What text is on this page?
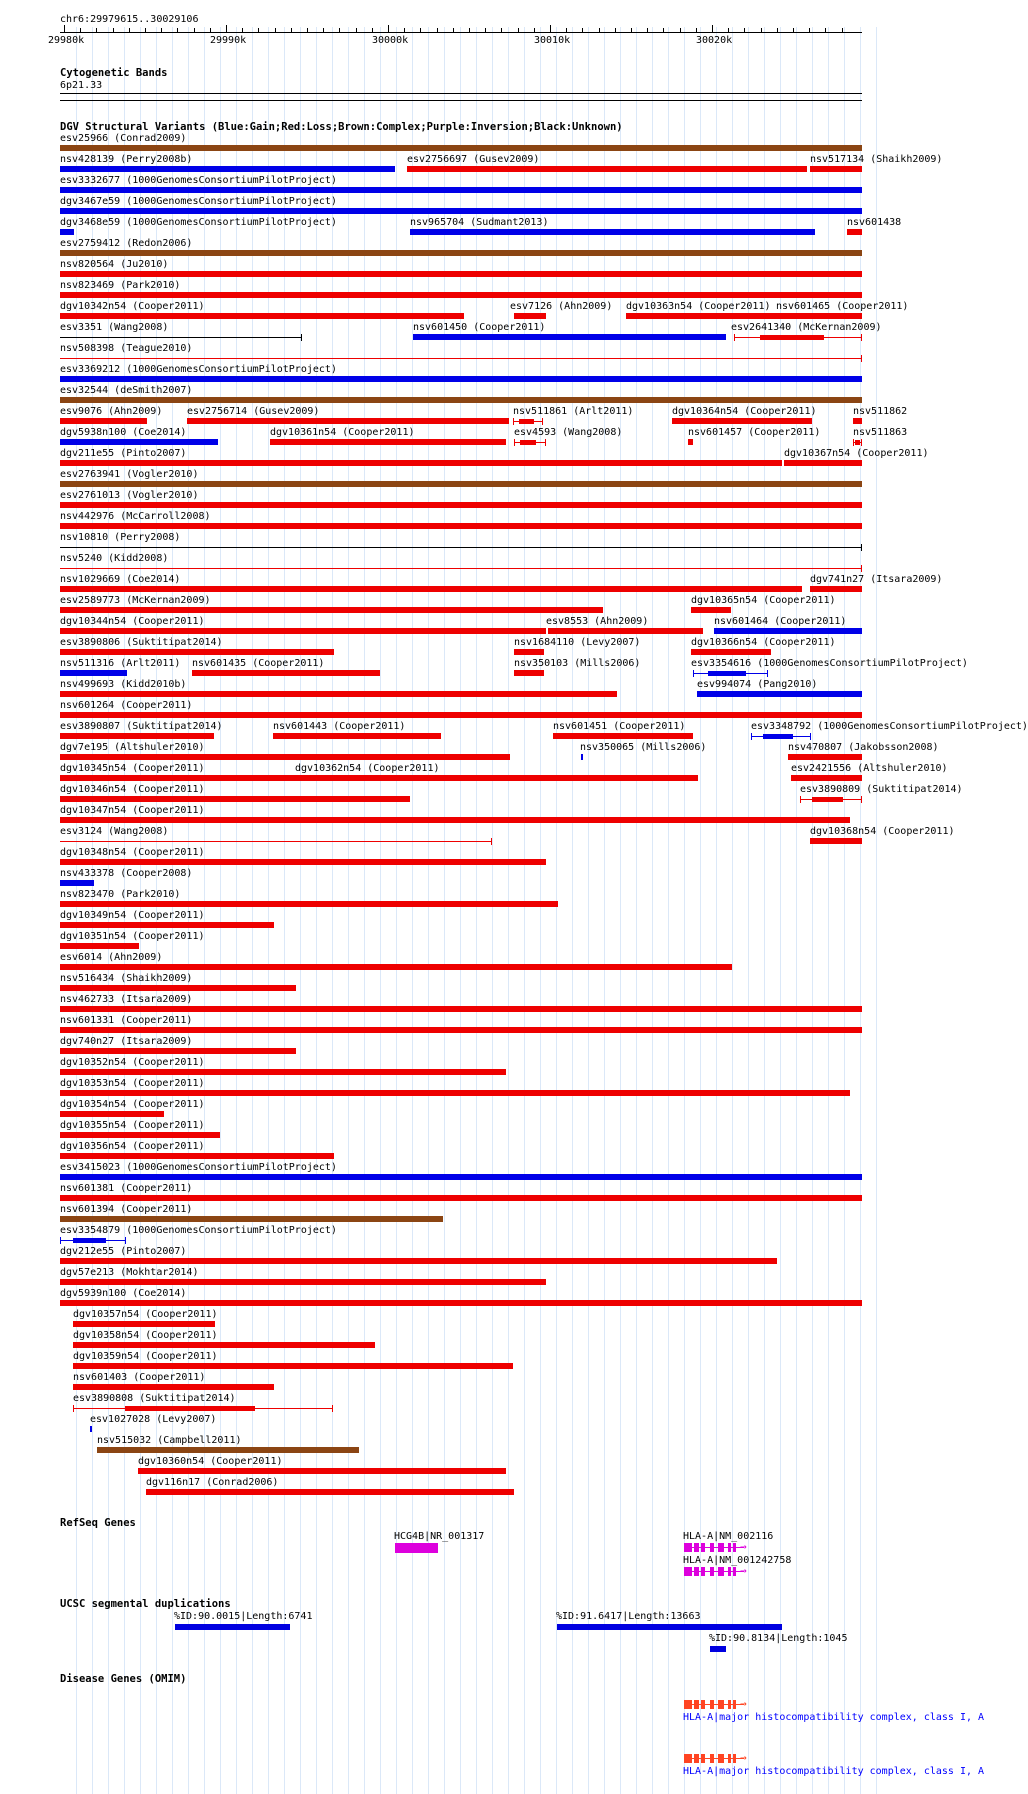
chr6:29979615..30029106
29980k	29990k	30000k	30010k	30020k
Cytogenetic Bands
6p21.33
DGV Structural Variants (Blue:Gain;Red:Loss;Brown:Complex;Purple:Inversion;Black:Unknown)
esv25966 (Conrad2009)
nsv428139 (Perry2008b)	esv2756697 (Gusev2009)	nsv517134 (Shaikh2009)
esv3332677 (1000GenomesConsortiumPilotProject)
dgv3467e59 (1000GenomesConsortiumPilotProject)
dgv3468e59 (1000GenomesConsortiumPilotProject)	nsv965704 (Sudmant2013)	nsv601438
esv2759412 (Redon2006)
nsv820564 (Ju2010)
nsv823469 (Park2010)
dgv10342n54 (Cooper2011)	esv7126 (Ahn2009) dgv10363n54 (Cooper2011) nsv601465 (Cooper2011)
esv3351 (Wang2008)	nsv601450 (Cooper2011)	esv2641340 (McKernan2009)
nsv508398 (Teague2010)
esv3369212 (1000GenomesConsortiumPilotProject)
esv32544 (deSmith2007)
esv9076 (Ahn2009) esv2756714 (Gusev2009)	nsv511861 (Arlt2011)	dgv10364n54 (Cooper2011)	nsv511862
dgv5938n100 (Coe2014)	dgv10361n54 (Cooper2011)	esv4593 (Wang2008)	nsv601457 (Cooper2011)	nsv511863
dgv211e55 (Pinto2007)	dgv10367n54 (Cooper2011)
esv2763941 (Vogler2010)
esv2761013 (Vogler2010)
nsv442976 (McCarroll2008)
nsv10810 (Perry2008)
nsv5240 (Kidd2008)
nsv1029669 (Coe2014)	dgv741n27 (Itsara2009)
esv2589773 (McKernan2009)	dgv10365n54 (Cooper2011)
dgv10344n54 (Cooper2011)	esv8553 (Ahn2009)	nsv601464 (Cooper2011)
esv3890806 (Suktitipat2014)	nsv1684110 (Levy2007)	dgv10366n54 (Cooper2011)
nsv511316 (Arlt2011) nsv601435 (Cooper2011)	nsv350103 (Mills2006)	esv3354616 (1000GenomesConsortiumPilotProject)
nsv499693 (Kidd2010b)	esv994074 (Pang2010)
nsv601264 (Cooper2011)
esv3890807 (Suktitipat2014)	nsv601443 (Cooper2011)	nsv601451 (Cooper2011)	esv3348792 (1000GenomesConsortiumPilotProject)
dgv7e195 (Altshuler2010)	nsv350065 (Mills2006)	nsv470807 (Jakobsson2008)
dgv10345n54 (Cooper2011)	dgv10362n54 (Cooper2011)	esv2421556 (Altshuler2010)
dgv10346n54 (Cooper2011)	esv3890809 (Suktitipat2014)
dgv10347n54 (Cooper2011)
esv3124 (Wang2008)	dgv10368n54 (Cooper2011)
dgv10348n54 (Cooper2011)
nsv433378 (Cooper2008)
nsv823470 (Park2010)
dgv10349n54 (Cooper2011)
dgv10351n54 (Cooper2011)
esv6014 (Ahn2009)
nsv516434 (Shaikh2009)
nsv462733 (Itsara2009)
nsv601331 (Cooper2011)
dgv740n27 (Itsara2009)
dgv10352n54 (Cooper2011)
dgv10353n54 (Cooper2011)
dgv10354n54 (Cooper2011)
dgv10355n54 (Cooper2011)
dgv10356n54 (Cooper2011)
esv3415023 (1000GenomesConsortiumPilotProject)
nsv601381 (Cooper2011)
nsv601394 (Cooper2011)
esv3354879 (1000GenomesConsortiumPilotProject)
dgv212e55 (Pinto2007)
dgv57e213 (Mokhtar2014)
dgv5939n100 (Coe2014)
dgv10357n54 (Cooper2011)
dgv10358n54 (Cooper2011)
dgv10359n54 (Cooper2011)
nsv601403 (Cooper2011)
esv3890808 (Suktitipat2014)
esv1027028 (Levy2007)
nsv515032 (Campbell2011)
dgv10360n54 (Cooper2011)
dgv116n17 (Conrad2006)
RefSeq Genes
HCG4B|NR_001317	HLA-A|NM_002116
HLA-A|NM_001242758
→
→
UCSC segmental duplications
%ID:90.0015|Length:6741	%ID:91.6417|Length:13663
%ID:90.8134|Length:1045
Disease Genes (OMIM)
→
HLA-A|major histocompatibility complex, class I, A
→
HLA-A|major histocompatibility complex, class I, A
